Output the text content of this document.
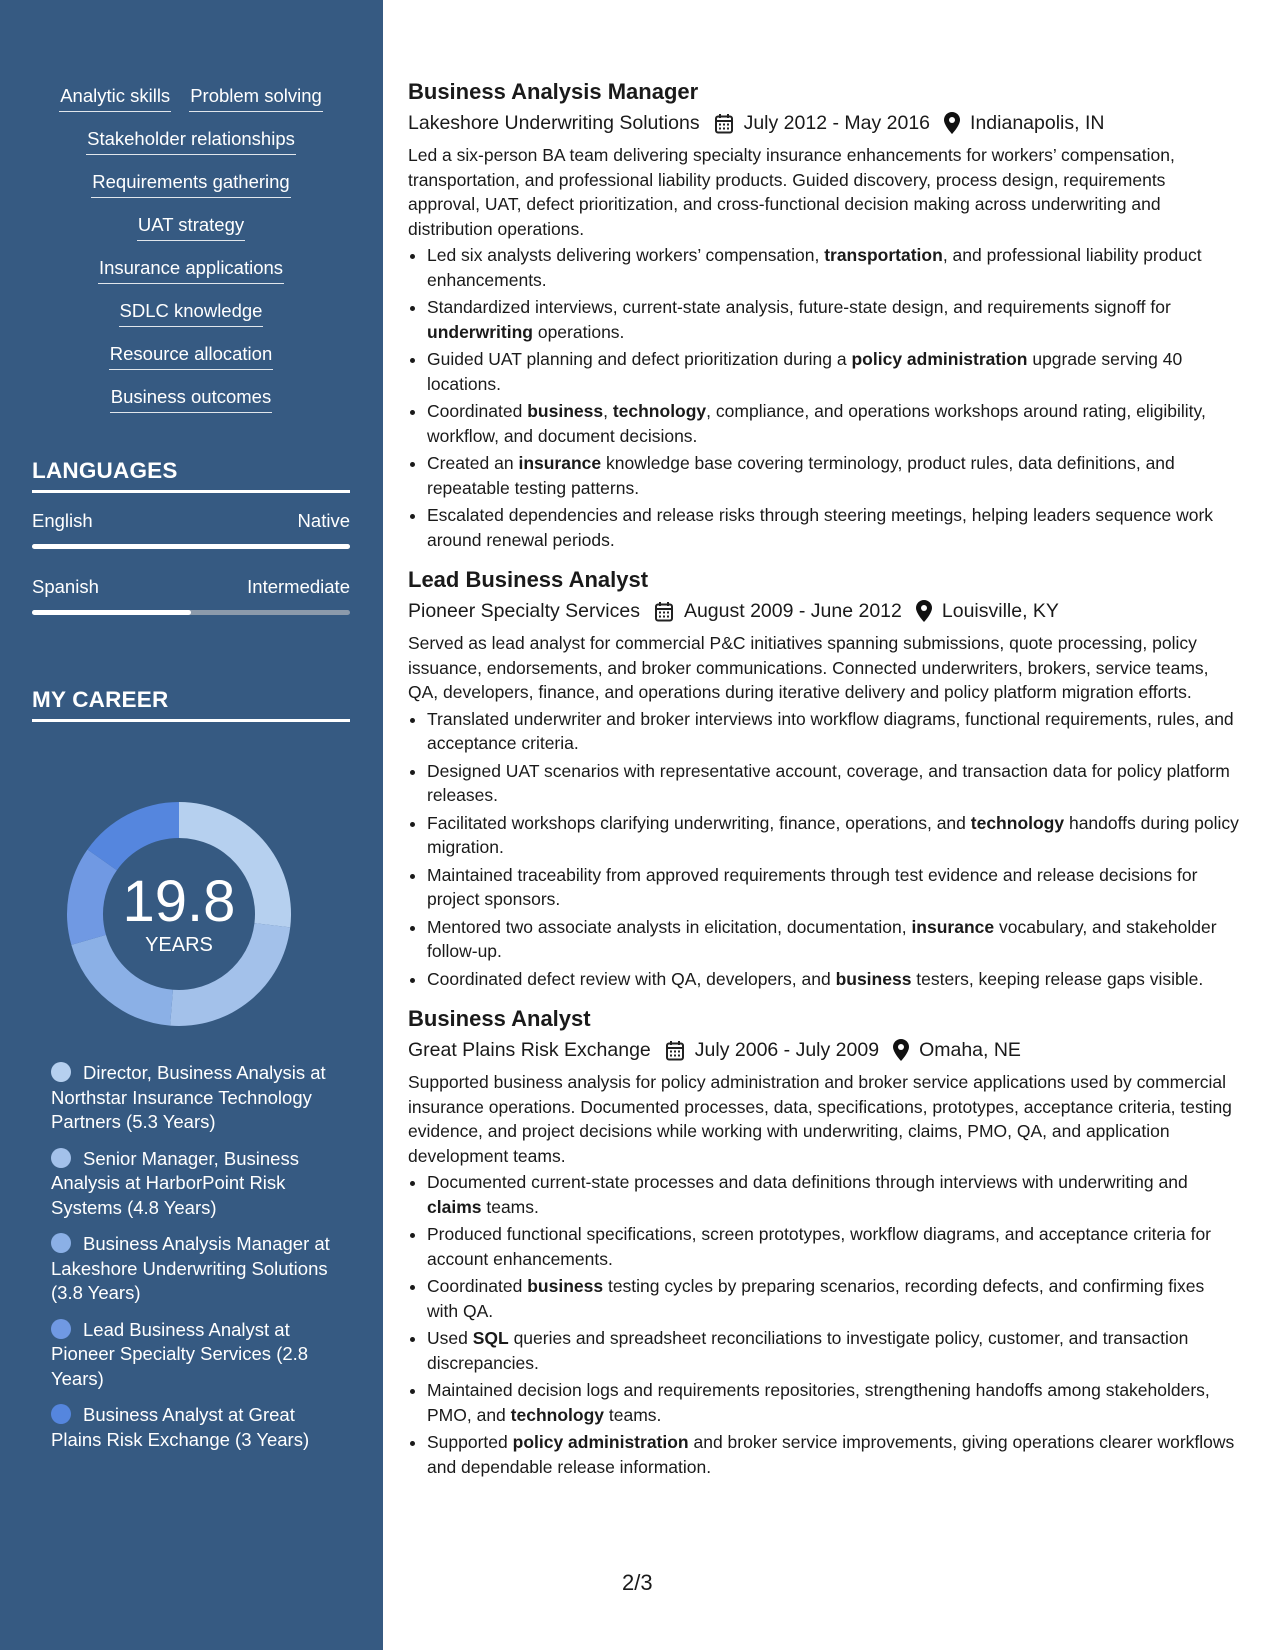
Analytic skills Problem solving
Stakeholder relationships
Requirements gathering
UAT strategy
Insurance applications
SDLC knowledge
Resource allocation
Business outcomes
LANGUAGES
English	Native
Spanish	Intermediate
MY CAREER
19.8
YEARS
Director, Business Analysis at Northstar Insurance Technology Partners (5.3 Years)
Senior Manager, Business Analysis at HarborPoint Risk Systems (4.8 Years)
Business Analysis Manager at Lakeshore Underwriting Solutions (3.8 Years)
Lead Business Analyst at Pioneer Specialty Services (2.8 Years)
Business Analyst at Great Plains Risk Exchange (3 Years)
Business Analysis Manager
Lakeshore Underwriting Solutions July 2012 - May 2016 Indianapolis, IN
Led a six-person BA team delivering specialty insurance enhancements for workers’ compensation, transportation, and professional liability products. Guided discovery, process design, requirements approval, UAT, defect prioritization, and cross-functional decision making across underwriting and distribution operations.
• Led six analysts delivering workers’ compensation, transportation, and professional liability product enhancements.
• Standardized interviews, current-state analysis, future-state design, and requirements signoff for underwriting operations.
• Guided UAT planning and defect prioritization during a policy administration upgrade serving 40 locations.
• Coordinated business, technology, compliance, and operations workshops around rating, eligibility, workflow, and document decisions.
• Created an insurance knowledge base covering terminology, product rules, data definitions, and repeatable testing patterns.
• Escalated dependencies and release risks through steering meetings, helping leaders sequence work around renewal periods.
Lead Business Analyst
Pioneer Specialty Services August 2009 - June 2012 Louisville, KY
Served as lead analyst for commercial P&C initiatives spanning submissions, quote processing, policy issuance, endorsements, and broker communications. Connected underwriters, brokers, service teams, QA, developers, finance, and operations during iterative delivery and policy platform migration efforts.
• Translated underwriter and broker interviews into workflow diagrams, functional requirements, rules, and acceptance criteria.
• Designed UAT scenarios with representative account, coverage, and transaction data for policy platform releases.
• Facilitated workshops clarifying underwriting, finance, operations, and technology handoffs during policy migration.
• Maintained traceability from approved requirements through test evidence and release decisions for project sponsors.
• Mentored two associate analysts in elicitation, documentation, insurance vocabulary, and stakeholder follow-up.
• Coordinated defect review with QA, developers, and business testers, keeping release gaps visible.
Business Analyst
Great Plains Risk Exchange July 2006 - July 2009 Omaha, NE
Supported business analysis for policy administration and broker service applications used by commercial insurance operations. Documented processes, data, specifications, prototypes, acceptance criteria, testing evidence, and project decisions while working with underwriting, claims, PMO, QA, and application development teams.
• Documented current-state processes and data definitions through interviews with underwriting and claims teams.
• Produced functional specifications, screen prototypes, workflow diagrams, and acceptance criteria for account enhancements.
• Coordinated business testing cycles by preparing scenarios, recording defects, and confirming fixes with QA.
• Used SQL queries and spreadsheet reconciliations to investigate policy, customer, and transaction discrepancies.
• Maintained decision logs and requirements repositories, strengthening handoffs among stakeholders, PMO, and technology teams.
• Supported policy administration and broker service improvements, giving operations clearer workflows and dependable release information.
2/3
